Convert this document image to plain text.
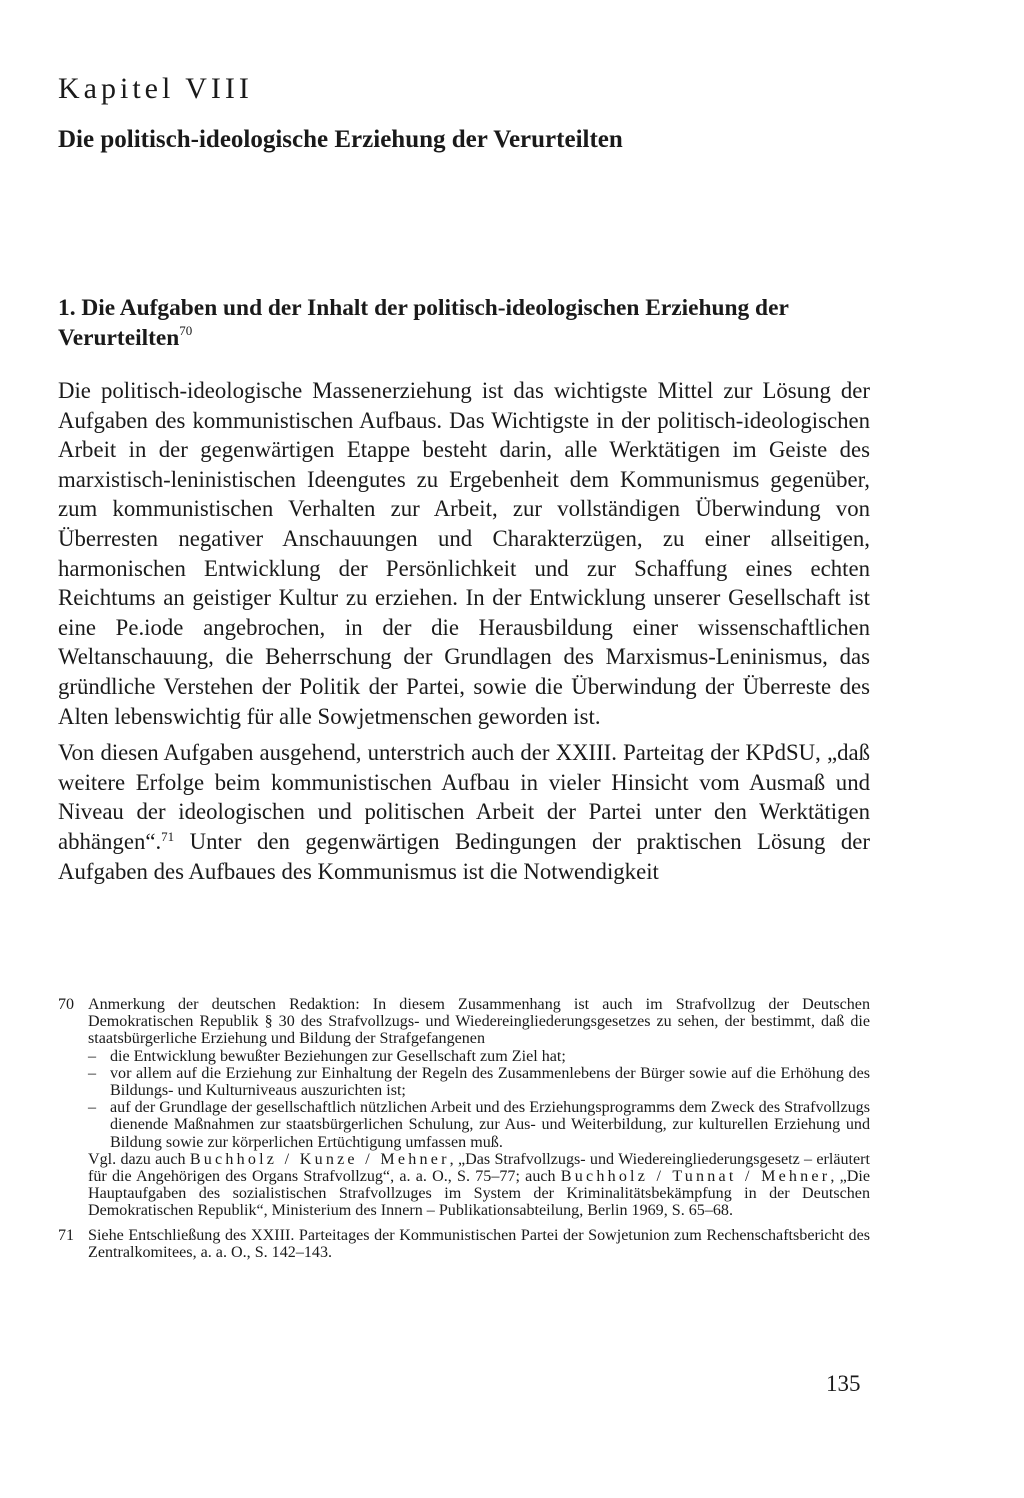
Kapitel VIII
Die politisch-ideologische Erziehung der Verurteilten
1. Die Aufgaben und der Inhalt der politisch-ideologischen Erziehung der Verurteilten$^{70}$

Die politisch-ideologische Massenerziehung ist das wichtigste Mittel zur Lösung der Aufgaben des kommunistischen Aufbaus. Das Wichtigste in der politisch-ideologischen Arbeit in der gegenwärtigen Etappe besteht darin, alle Werktätigen im Geiste des marxistisch-leninistischen Ideengutes zu Ergebenheit dem Kommunismus gegenüber, zum kommunistischen Verhalten zur Arbeit, zur vollständigen Überwindung von Überresten negativer Anschauungen und Charakterzügen, zu einer allseitigen, harmonischen Entwicklung der Persönlichkeit und zur Schaffung eines echten Reichtums an geistiger Kultur zu erziehen. In der Entwicklung unserer Gesellschaft ist eine Pe.iode angebrochen, in der die Herausbildung einer wissenschaftlichen Weltanschauung, die Beherrschung der Grundlagen des Marxismus-Leninismus, das gründliche Verstehen der Politik der Partei, sowie die Überwindung der Überreste des Alten lebenswichtig für alle Sowjetmenschen geworden ist.

Von diesen Aufgaben ausgehend, unterstrich auch der XXIII. Parteitag der KPdSU, „daß weitere Erfolge beim kommunistischen Aufbau in vieler Hinsicht vom Ausmaß und Niveau der ideologischen und politischen Arbeit der Partei unter den Werktätigen abhängen“.$^{71}$ Unter den gegenwärtigen Bedingungen der praktischen Lösung der Aufgaben des Aufbaues des Kommunismus ist die Notwendigkeit

70 Anmerkung der deutschen Redaktion: In diesem Zusammenhang ist auch im Strafvollzug der Deutschen Demokratischen Republik § 30 des Strafvollzugs- und Wiedereingliederungsgesetzes zu sehen, der bestimmt, daß die staatsbürgerliche Erziehung und Bildung der Strafgefangenen

– die Entwicklung bewußter Beziehungen zur Gesellschaft zum Ziel hat;
– vor allem auf die Erziehung zur Einhaltung der Regeln des Zusammenlebens der Bürger sowie auf die Erhöhung des Bildungs- und Kulturniveaus auszurichten ist;
– auf der Grundlage der gesellschaftlich nützlichen Arbeit und des Erziehungsprogramms dem Zweck des Strafvollzugs dienende Maßnahmen zur staatsbürgerlichen Schulung, zur Aus- und Weiterbildung, zur kulturellen Erziehung und Bildung sowie zur körperlichen Ertüchtigung umfassen muß.

Vgl. dazu auch Buchholz / Kunze / Mehner, „Das Strafvollzugs- und Wiedereingliederungsgesetz – erläutert für die Angehörigen des Organs Strafvollzug“, a. a. O., S. 75–77; auch Buchholz / Tunnat / Mehner, „Die Hauptaufgaben des sozialistischen Strafvollzuges im System der Kriminalitätsbekämpfung in der Deutschen Demokratischen Republik“, Ministerium des Innern – Publikationsabteilung, Berlin 1969, S. 65–68.

71 Siehe Entschließung des XXIII. Parteitages der Kommunistischen Partei der Sowjetunion zum Rechenschaftsbericht des Zentralkomitees, a. a. O., S. 142–143.

135
